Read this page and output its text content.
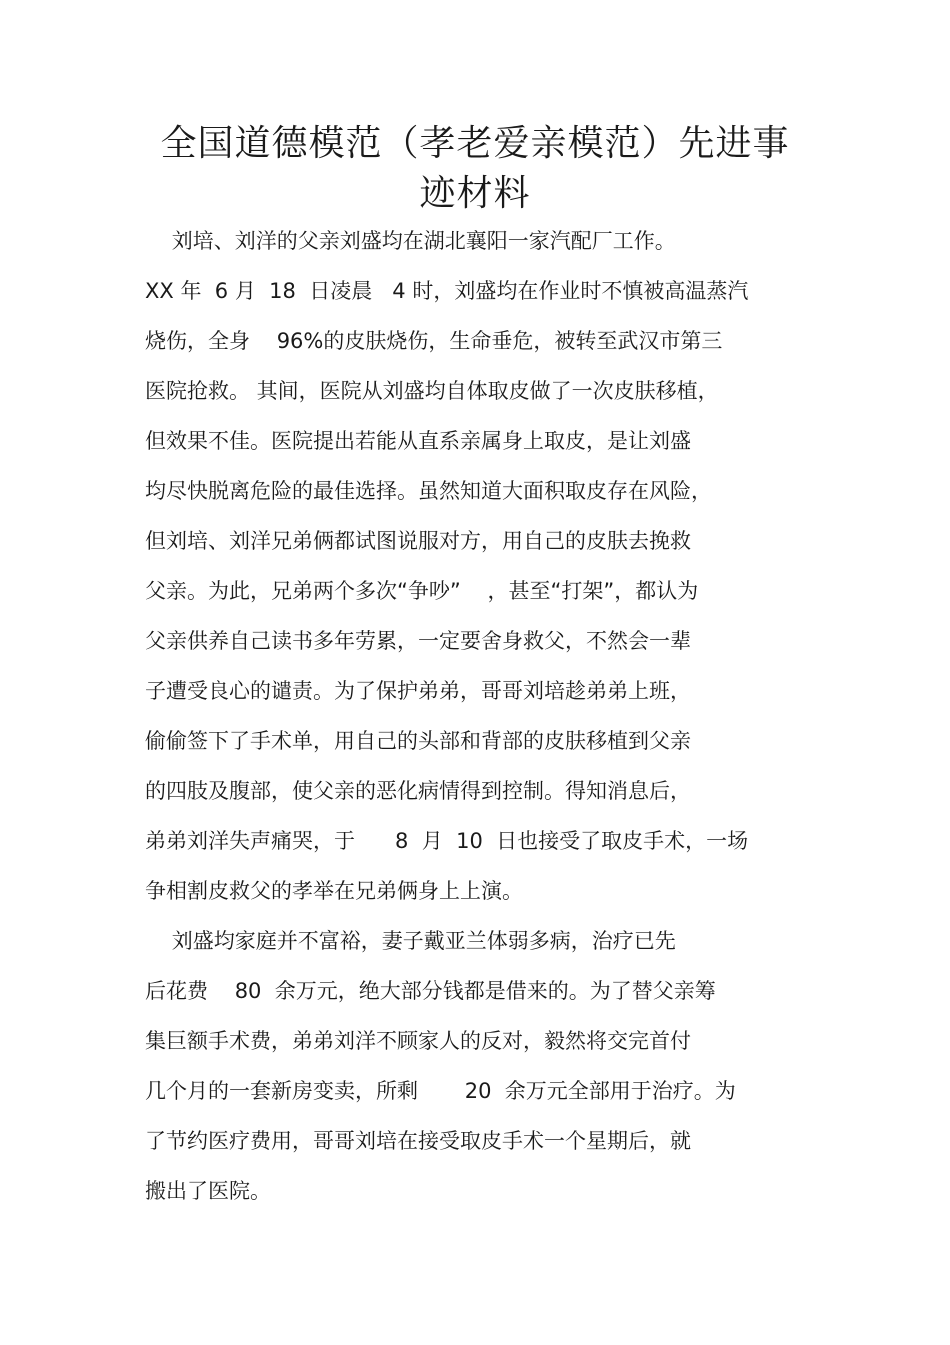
全国道德模范（孝老爱亲模范）先进事
迹材料

刘培、刘洋的父亲刘盛均在湖北襄阳一家汽配厂工作。

XX 年  6 月  18  日凌晨   4 时，刘盛均在作业时不慎被高温蒸汽

烧伤，全身    96%的皮肤烧伤，生命垂危，被转至武汉市第三

医院抢救。 其间，医院从刘盛均自体取皮做了一次皮肤移植，

但效果不佳。医院提出若能从直系亲属身上取皮，是让刘盛

均尽快脱离危险的最佳选择。虽然知道大面积取皮存在风险，

但刘培、刘洋兄弟俩都试图说服对方，用自己的皮肤去挽救

父亲。为此，兄弟两个多次“争吵”    ，甚至“打架”，都认为

父亲供养自己读书多年劳累，一定要舍身救父，不然会一辈

子遭受良心的谴责。为了保护弟弟，哥哥刘培趁弟弟上班，

偷偷签下了手术单，用自己的头部和背部的皮肤移植到父亲

的四肢及腹部，使父亲的恶化病情得到控制。得知消息后，

弟弟刘洋失声痛哭，于      8  月  10  日也接受了取皮手术，一场

争相割皮救父的孝举在兄弟俩身上上演。

刘盛均家庭并不富裕，妻子戴亚兰体弱多病，治疗已先

后花费    80  余万元，绝大部分钱都是借来的。为了替父亲筹

集巨额手术费，弟弟刘洋不顾家人的反对，毅然将交完首付

几个月的一套新房变卖，所剩       20  余万元全部用于治疗。为

了节约医疗费用，哥哥刘培在接受取皮手术一个星期后，就

搬出了医院。
